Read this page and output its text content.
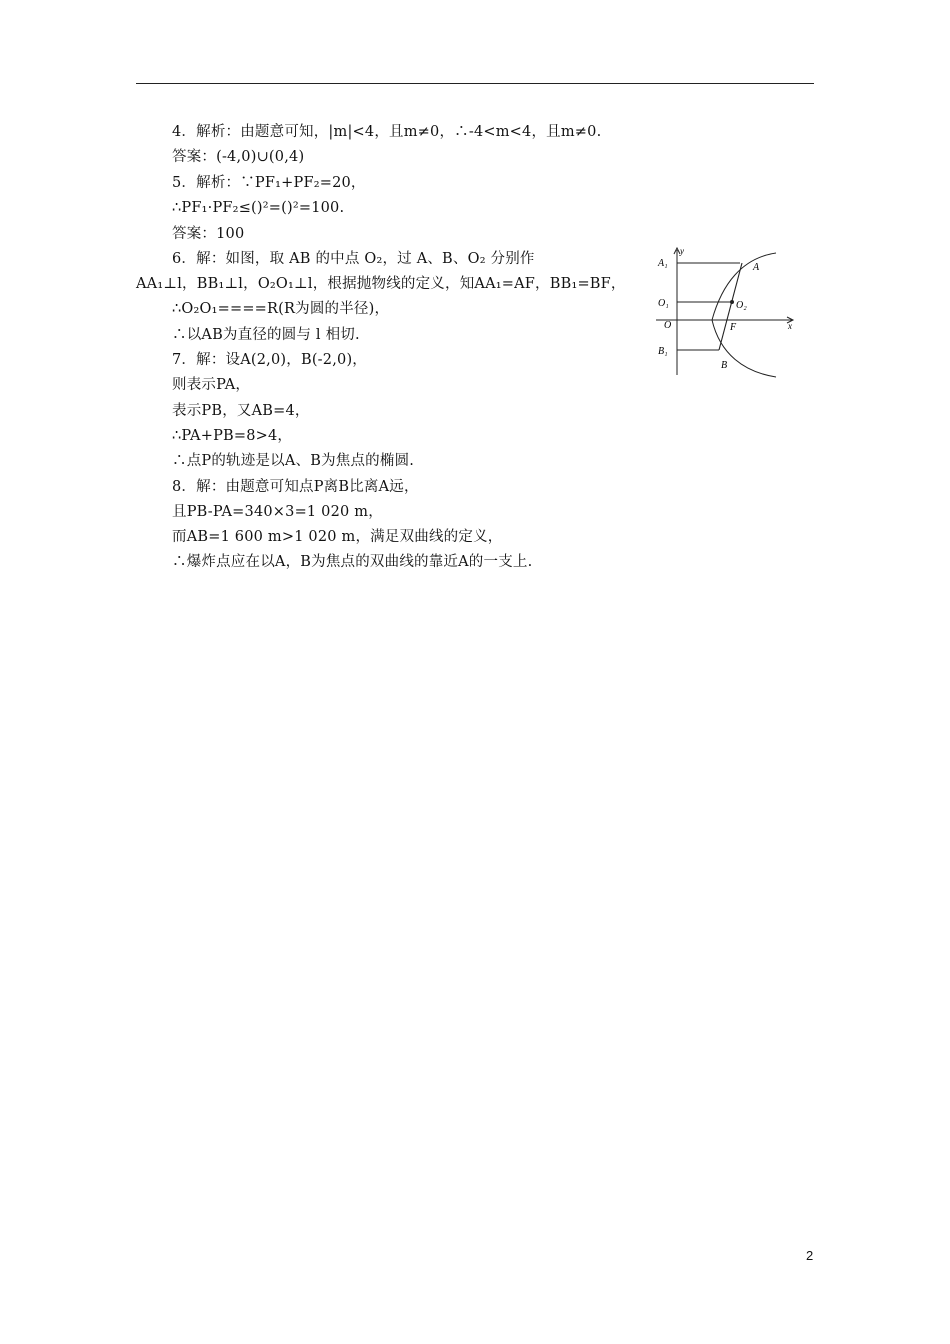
4．解析：由题意可知，|m|<4，且m≠0，∴-4<m<4，且m≠0.
答案：(-4,0)∪(0,4)
5．解析：∵PF₁+PF₂=20，
∴PF₁·PF₂≤()²=()²=100.
答案：100
6．解：如图，取 AB 的中点 O₂，过 A、B、O₂ 分别作
AA₁⊥l，BB₁⊥l，O₂O₁⊥l，根据抛物线的定义，知AA₁=AF，BB₁=BF，
∴O₂O₁====R(R为圆的半径)，
∴以AB为直径的圆与 l 相切.
7．解：设A(2,0)，B(-2,0)，
则表示PA，
表示PB，又AB=4，
∴PA+PB=8>4，
∴点P的轨迹是以A、B为焦点的椭圆.
8．解：由题意可知点P离B比离A远，
且PB-PA=340×3=1 020 m，
而AB=1 600 m>1 020 m，满足双曲线的定义，
∴爆炸点应在以A，B为焦点的双曲线的靠近A的一支上.
A₁
y
A
O₁	O₂
O	F	x
B₁
B
2
